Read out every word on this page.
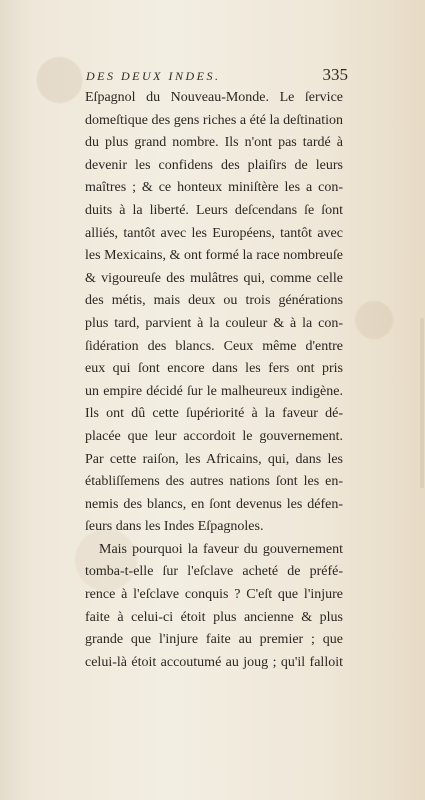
DES DEUX INDES.	335
Eſpagnol du Nouveau-Monde. Le ſervice
domeſtique des gens riches a été la deſtination
du plus grand nombre. Ils n'ont pas tardé à
devenir les confidens des plaiſirs de leurs
maîtres ; & ce honteux miniſtère les a con-
duits à la liberté. Leurs deſcendans ſe ſont
alliés, tantôt avec les Européens, tantôt avec
les Mexicains, & ont formé la race nombreuſe
& vigoureuſe des mulâtres qui, comme celle
des métis, mais deux ou trois générations
plus tard, parvient à la couleur & à la con-
ſidération des blancs. Ceux même d'entre
eux qui ſont encore dans les fers ont pris
un empire décidé ſur le malheureux indigène.
Ils ont dû cette ſupériorité à la faveur dé-
placée que leur accordoit le gouvernement.
Par cette raiſon, les Africains, qui, dans les
établiſſemens des autres nations ſont les en-
nemis des blancs, en ſont devenus les défen-
ſeurs dans les Indes Eſpagnoles.
Mais pourquoi la faveur du gouvernement
tomba-t-elle ſur l'eſclave acheté de préfé-
rence à l'eſclave conquis ? C'eſt que l'injure
faite à celui-ci étoit plus ancienne & plus
grande que l'injure faite au premier ; que
celui-là étoit accoutumé au joug ; qu'il falloit
